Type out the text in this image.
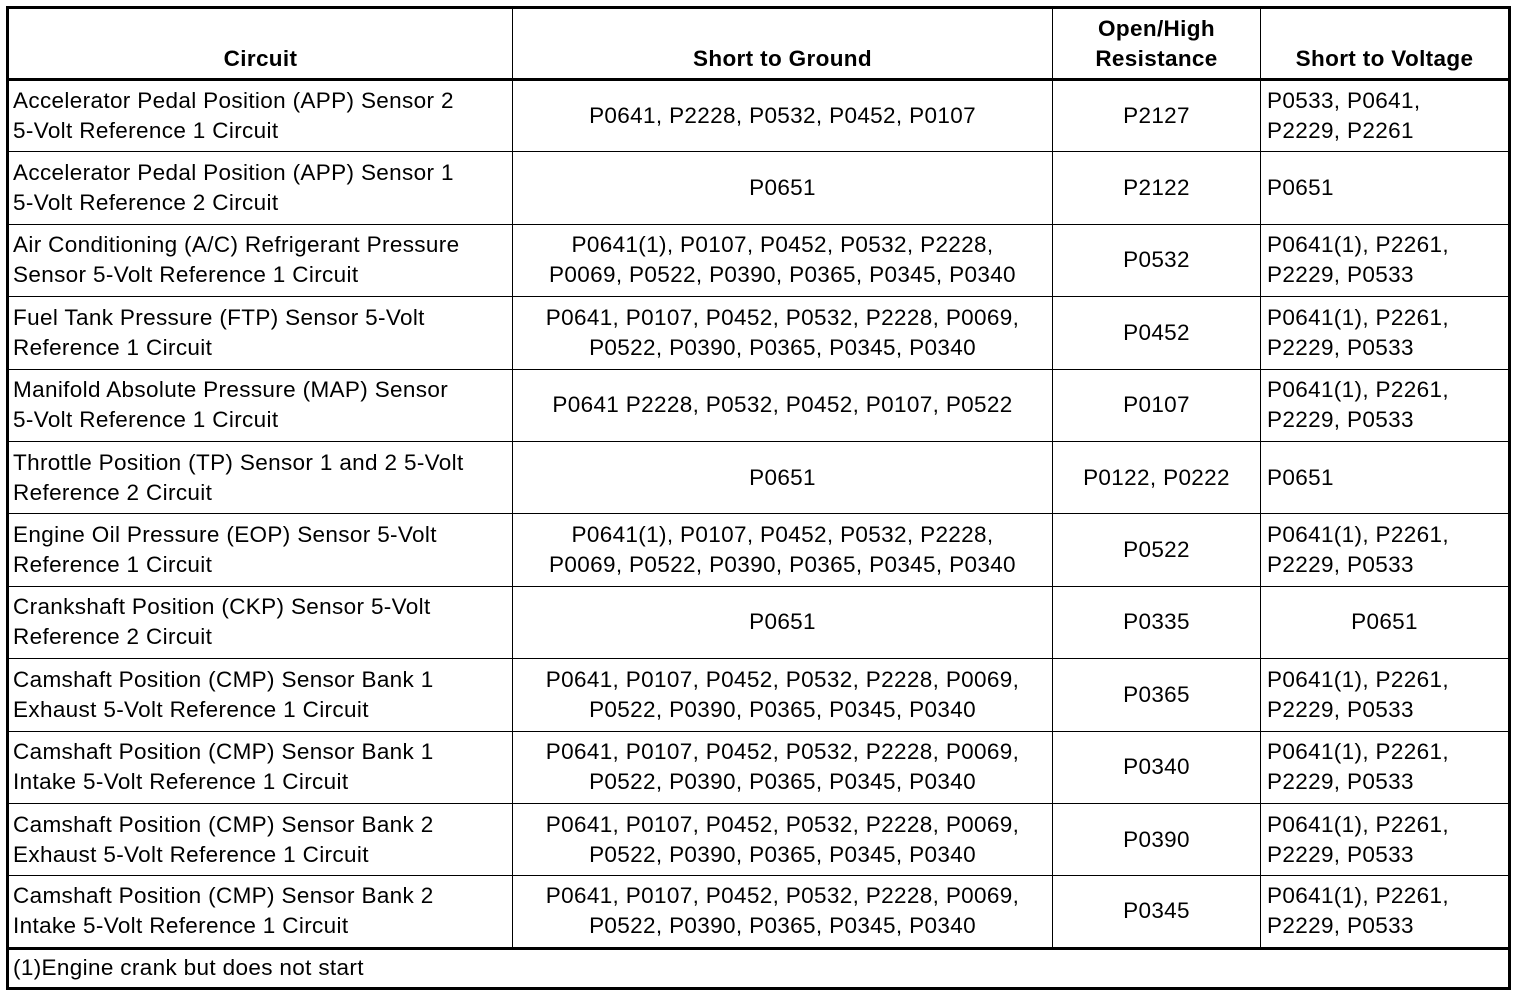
Circuit	Short to Ground	Open/High
Resistance	Short to Voltage

Accelerator Pedal Position (APP) Sensor 2
5-Volt Reference 1 Circuit	P0641, P2228, P0532, P0452, P0107	P2127	P0533, P0641,
P2229, P2261

Accelerator Pedal Position (APP) Sensor 1
5-Volt Reference 2 Circuit	P0651	P2122	P0651

Air Conditioning (A/C) Refrigerant Pressure
Sensor 5-Volt Reference 1 Circuit	P0641(1), P0107, P0452, P0532, P2228,
P0069, P0522, P0390, P0365, P0345, P0340	P0532	P0641(1), P2261,
P2229, P0533

Fuel Tank Pressure (FTP) Sensor 5-Volt
Reference 1 Circuit	P0641, P0107, P0452, P0532, P2228, P0069,
P0522, P0390, P0365, P0345, P0340	P0452	P0641(1), P2261,
P2229, P0533

Manifold Absolute Pressure (MAP) Sensor
5-Volt Reference 1 Circuit	P0641 P2228, P0532, P0452, P0107, P0522	P0107	P0641(1), P2261,
P2229, P0533

Throttle Position (TP) Sensor 1 and 2 5-Volt
Reference 2 Circuit	P0651	P0122, P0222	P0651

Engine Oil Pressure (EOP) Sensor 5-Volt
Reference 1 Circuit	P0641(1), P0107, P0452, P0532, P2228,
P0069, P0522, P0390, P0365, P0345, P0340	P0522	P0641(1), P2261,
P2229, P0533

Crankshaft Position (CKP) Sensor 5-Volt
Reference 2 Circuit	P0651	P0335	P0651

Camshaft Position (CMP) Sensor Bank 1
Exhaust 5-Volt Reference 1 Circuit	P0641, P0107, P0452, P0532, P2228, P0069,
P0522, P0390, P0365, P0345, P0340	P0365	P0641(1), P2261,
P2229, P0533

Camshaft Position (CMP) Sensor Bank 1
Intake 5-Volt Reference 1 Circuit	P0641, P0107, P0452, P0532, P2228, P0069,
P0522, P0390, P0365, P0345, P0340	P0340	P0641(1), P2261,
P2229, P0533

Camshaft Position (CMP) Sensor Bank 2
Exhaust 5-Volt Reference 1 Circuit	P0641, P0107, P0452, P0532, P2228, P0069,
P0522, P0390, P0365, P0345, P0340	P0390	P0641(1), P2261,
P2229, P0533

Camshaft Position (CMP) Sensor Bank 2
Intake 5-Volt Reference 1 Circuit	P0641, P0107, P0452, P0532, P2228, P0069,
P0522, P0390, P0365, P0345, P0340	P0345	P0641(1), P2261,
P2229, P0533

(1)Engine crank but does not start			
